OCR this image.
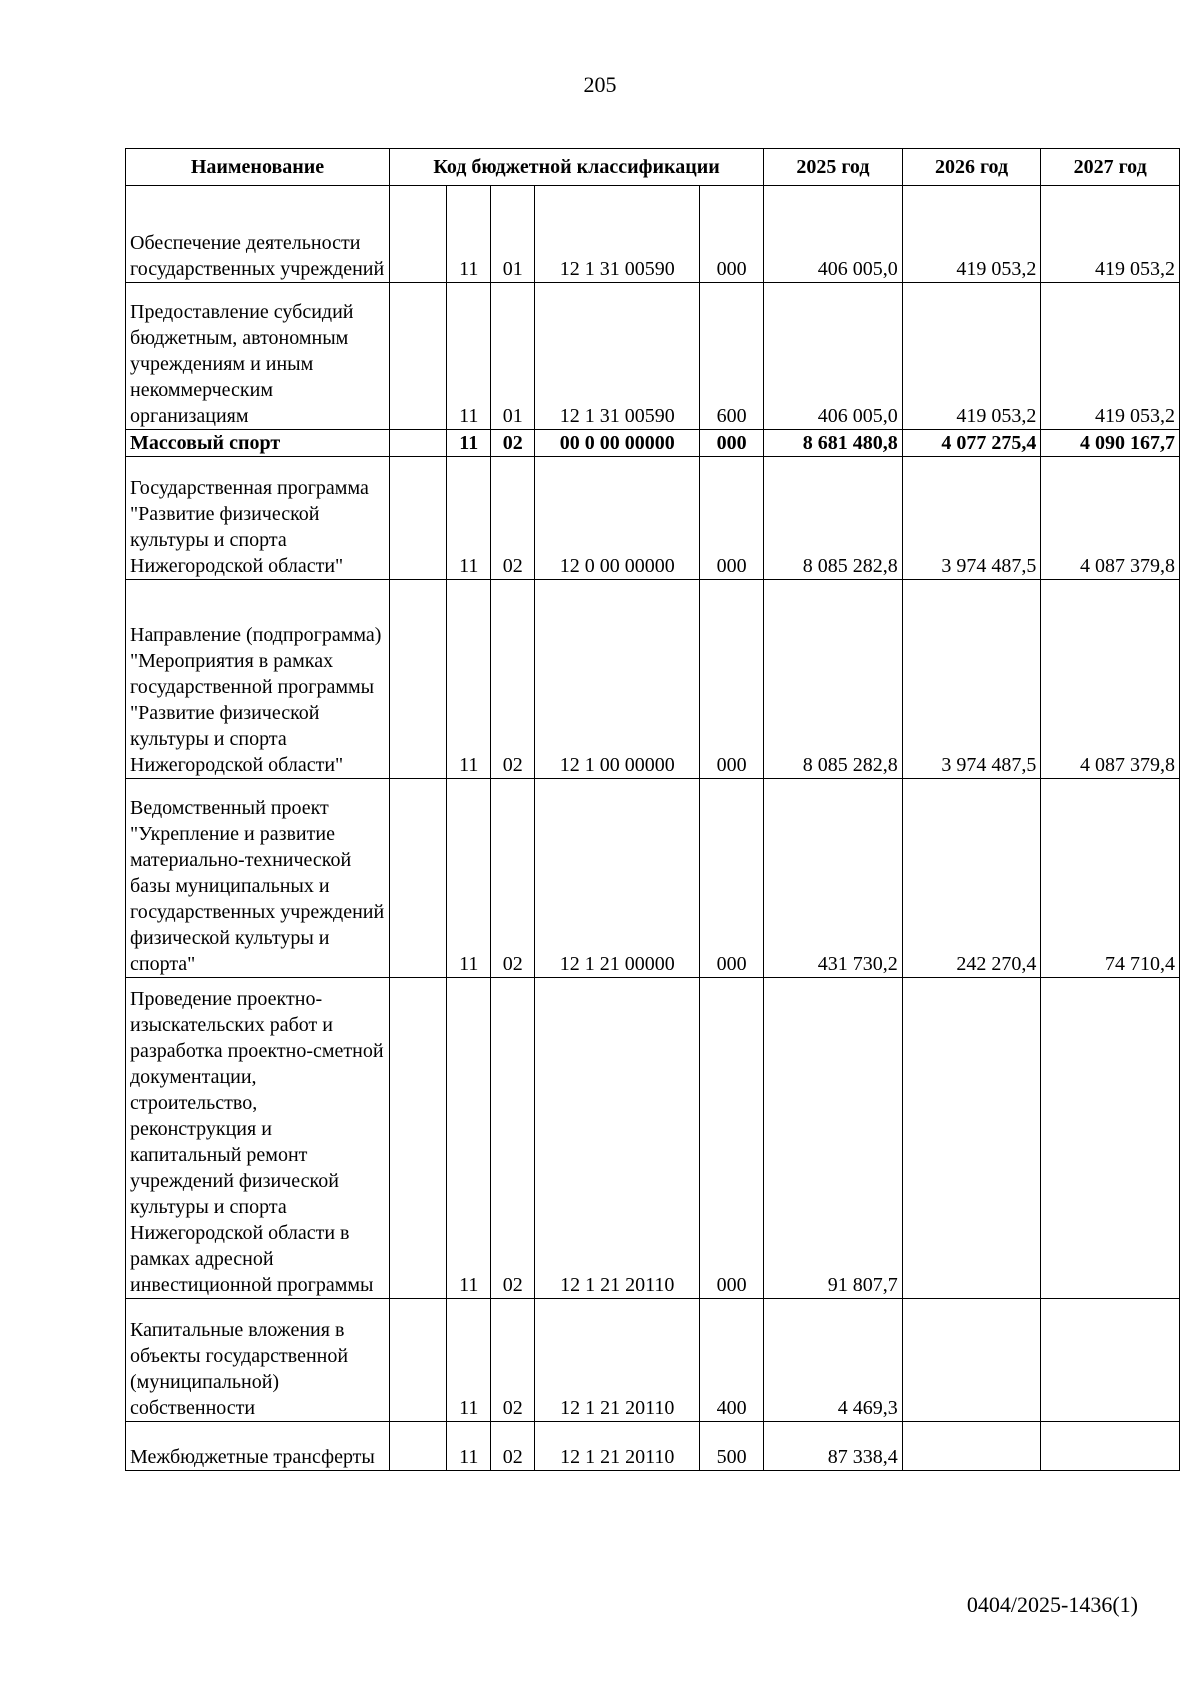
205
Наименование	Код бюджетной классификации					2025 год	2026 год	2027 год
Обеспечение деятельности государственных учреждений		11	01	12 1 31 00590	000	406 005,0	419 053,2	419 053,2
Предоставление субсидий бюджетным, автономным учреждениям и иным некоммерческим организациям		11	01	12 1 31 00590	600	406 005,0	419 053,2	419 053,2
Массовый спорт		11	02	00 0 00 00000	000	8 681 480,8	4 077 275,4	4 090 167,7
Государственная программа "Развитие физической культуры и спорта Нижегородской области"		11	02	12 0 00 00000	000	8 085 282,8	3 974 487,5	4 087 379,8
Направление (подпрограмма) "Мероприятия в рамках государственной программы "Развитие физической культуры и спорта Нижегородской области"		11	02	12 1 00 00000	000	8 085 282,8	3 974 487,5	4 087 379,8
Ведомственный проект "Укрепление и развитие материально-технической базы муниципальных и государственных учреждений физической культуры и спорта"		11	02	12 1 21 00000	000	431 730,2	242 270,4	74 710,4
Проведение проектно-изыскательских работ и разработка проектно-сметной документации, строительство, реконструкция и капитальный ремонт учреждений физической культуры и спорта Нижегородской области в рамках адресной инвестиционной программы		11	02	12 1 21 20110	000	91 807,7		
Капитальные вложения в объекты государственной (муниципальной) собственности		11	02	12 1 21 20110	400	4 469,3		
Межбюджетные трансферты		11	02	12 1 21 20110	500	87 338,4		
0404/2025-1436(1)
